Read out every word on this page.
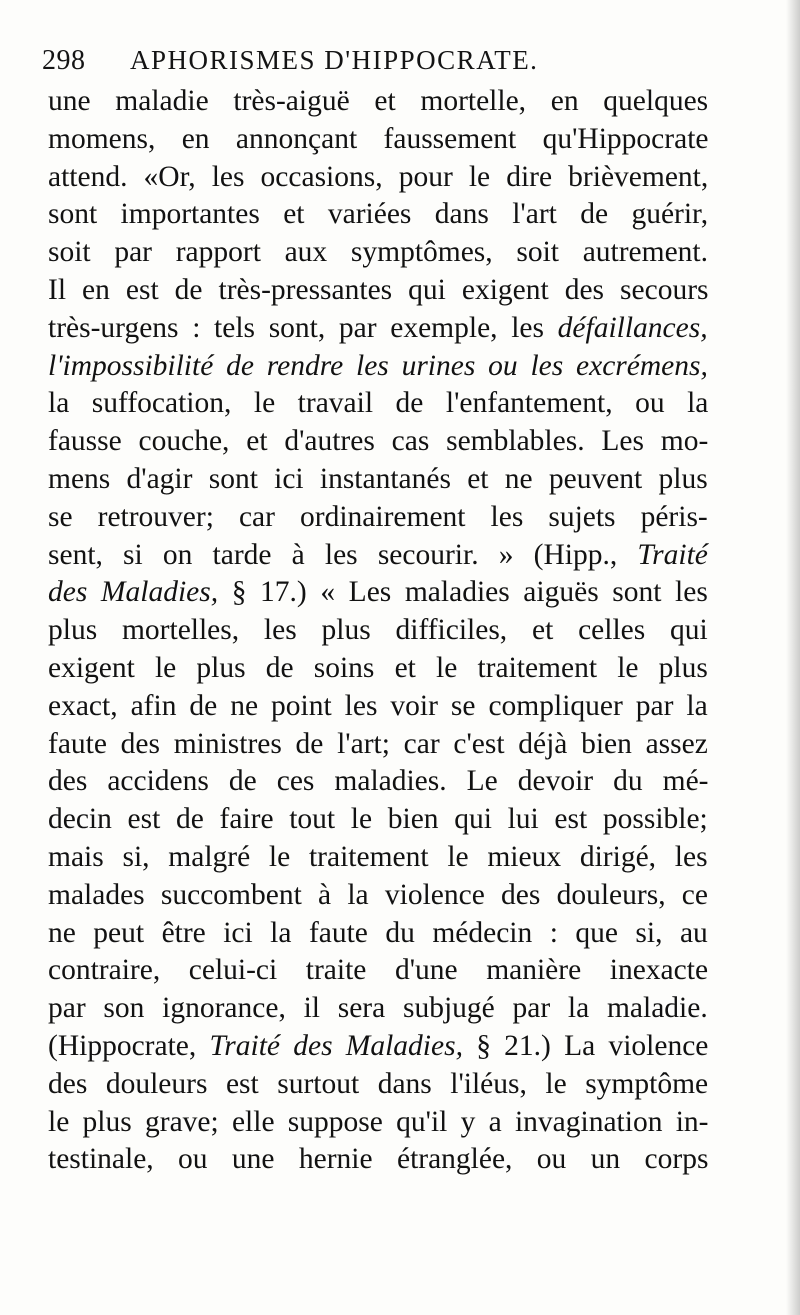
298 APHORISMES D'HIPPOCRATE.
une maladie très-aiguë et mortelle, en quelques
momens, en annonçant faussement qu'Hippocrate
attend. «Or, les occasions, pour le dire brièvement,
sont importantes et variées dans l'art de guérir,
soit par rapport aux symptômes, soit autrement.
Il en est de très-pressantes qui exigent des secours
très-urgens : tels sont, par exemple, les défaillances,
l'impossibilité de rendre les urines ou les excrémens,
la suffocation, le travail de l'enfantement, ou la
fausse couche, et d'autres cas semblables. Les mo-
mens d'agir sont ici instantanés et ne peuvent plus
se retrouver; car ordinairement les sujets péris-
sent, si on tarde à les secourir. » (Hipp., Traité
des Maladies, § 17.) « Les maladies aiguës sont les
plus mortelles, les plus difficiles, et celles qui
exigent le plus de soins et le traitement le plus
exact, afin de ne point les voir se compliquer par la
faute des ministres de l'art; car c'est déjà bien assez
des accidens de ces maladies. Le devoir du mé-
decin est de faire tout le bien qui lui est possible;
mais si, malgré le traitement le mieux dirigé, les
malades succombent à la violence des douleurs, ce
ne peut être ici la faute du médecin : que si, au
contraire, celui-ci traite d'une manière inexacte
par son ignorance, il sera subjugé par la maladie.
(Hippocrate, Traité des Maladies, § 21.) La violence
des douleurs est surtout dans l'iléus, le symptôme
le plus grave; elle suppose qu'il y a invagination in-
testinale, ou une hernie étranglée, ou un corps
